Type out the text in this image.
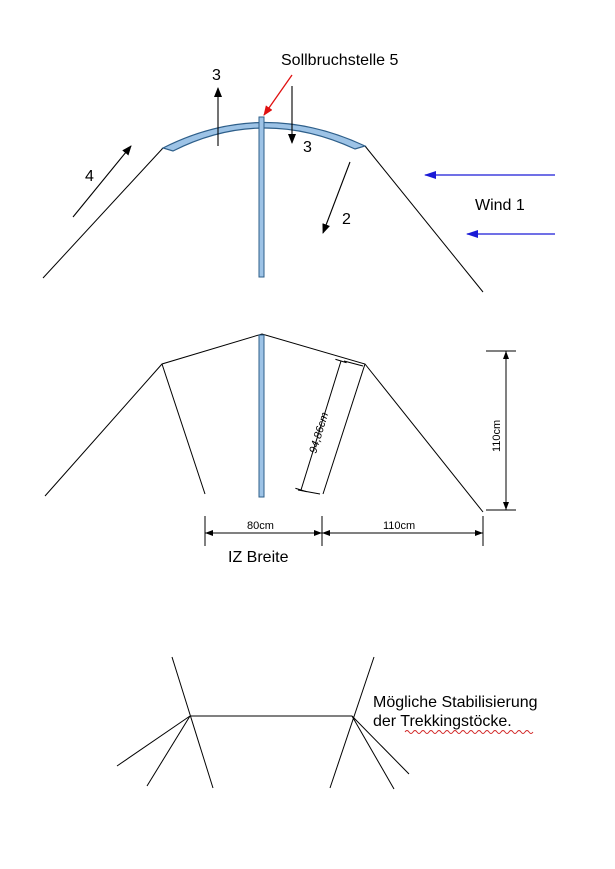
Sollbruchstelle 5
3
3
4
2
Wind 1
94,86cm	110cm
80cm	110cm
IZ Breite
Mögliche Stabilisierung
der Trekkingstöcke.
